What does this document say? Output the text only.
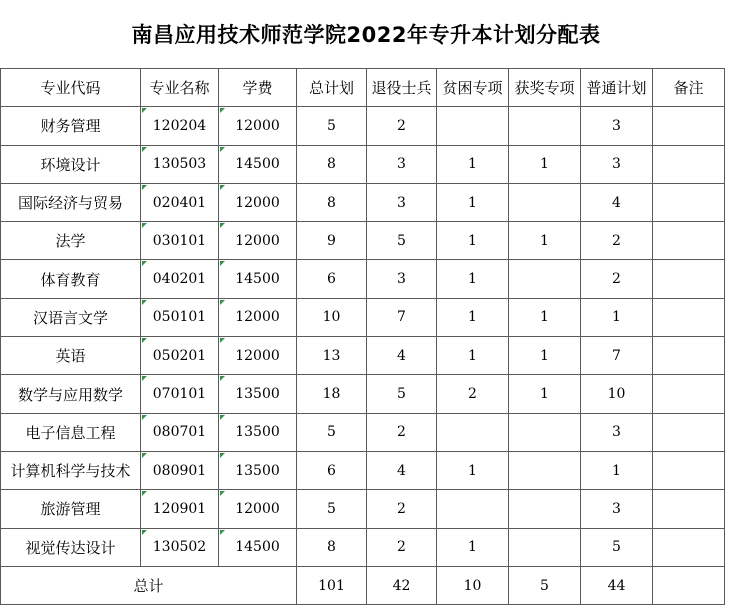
南昌应用技术师范学院2022年专升本计划分配表
专业代码	专业名称	学费	总计划	退役士兵	贫困专项	获奖专项	普通计划	备注
财务管理	120204	12000	5	2			3	
环境设计	130503	14500	8	3	1	1	3	
国际经济与贸易	020401	12000	8	3	1		4	
法学	030101	12000	9	5	1	1	2	
体育教育	040201	14500	6	3	1		2	
汉语言文学	050101	12000	10	7	1	1	1	
英语	050201	12000	13	4	1	1	7	
数学与应用数学	070101	13500	18	5	2	1	10	
电子信息工程	080701	13500	5	2			3	
计算机科学与技术	080901	13500	6	4	1		1	
旅游管理	120901	12000	5	2			3	
视觉传达设计	130502	14500	8	2	1		5	
总计			101	42	10	5	44	
